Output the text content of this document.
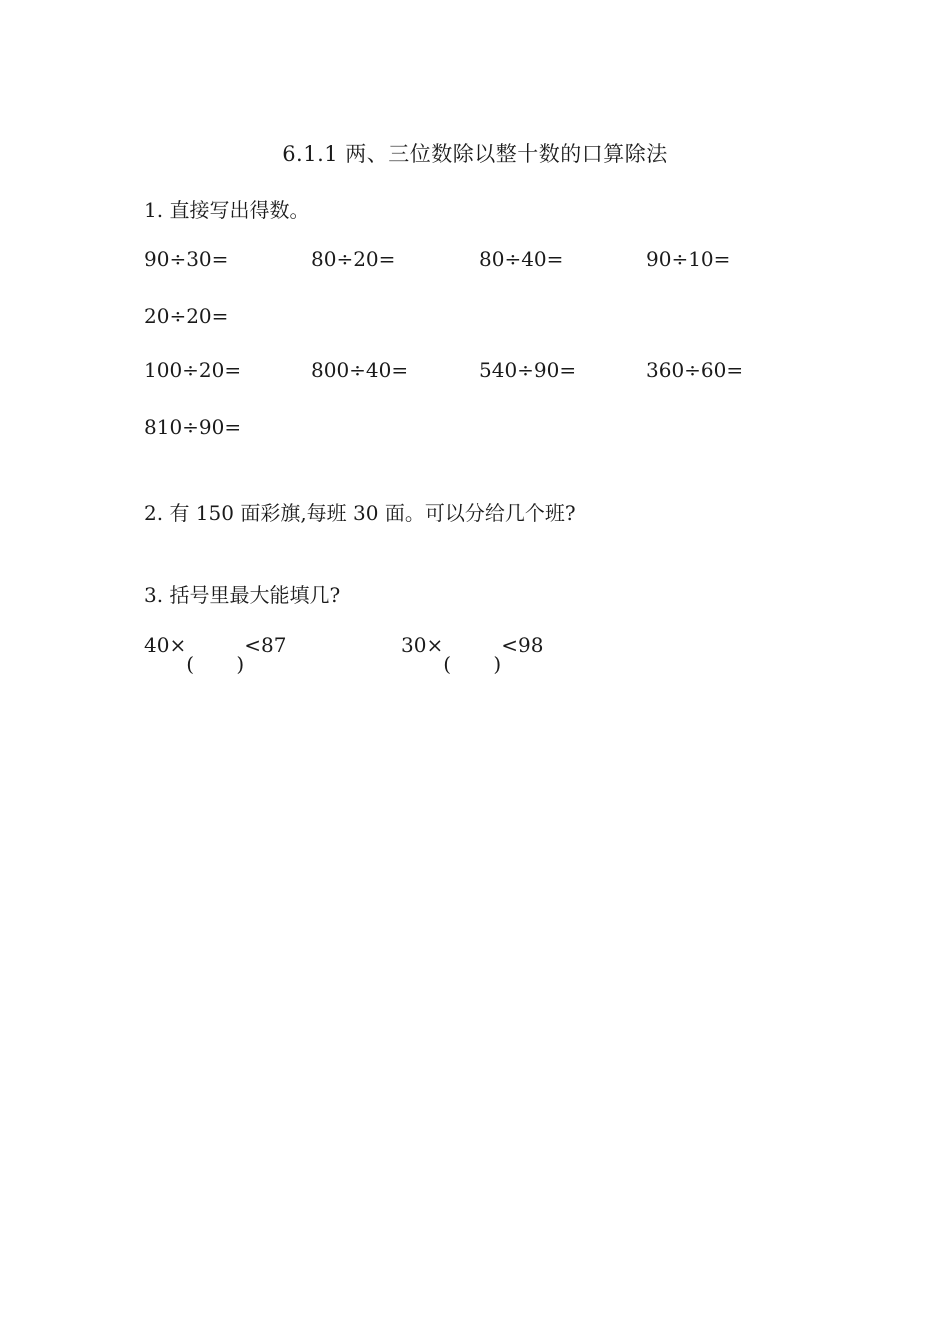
6.1.1 两、三位数除以整十数的口算除法
1. 直接写出得数。
90÷30=	80÷20=	80÷40=	90÷10=
20÷20=
100÷20=	800÷40=	540÷90=	360÷60=
810÷90=
2. 有 150 面彩旗,每班 30 面。可以分给几个班?
3. 括号里最大能填几?
40×
( )
<87	30×
( )
<98
